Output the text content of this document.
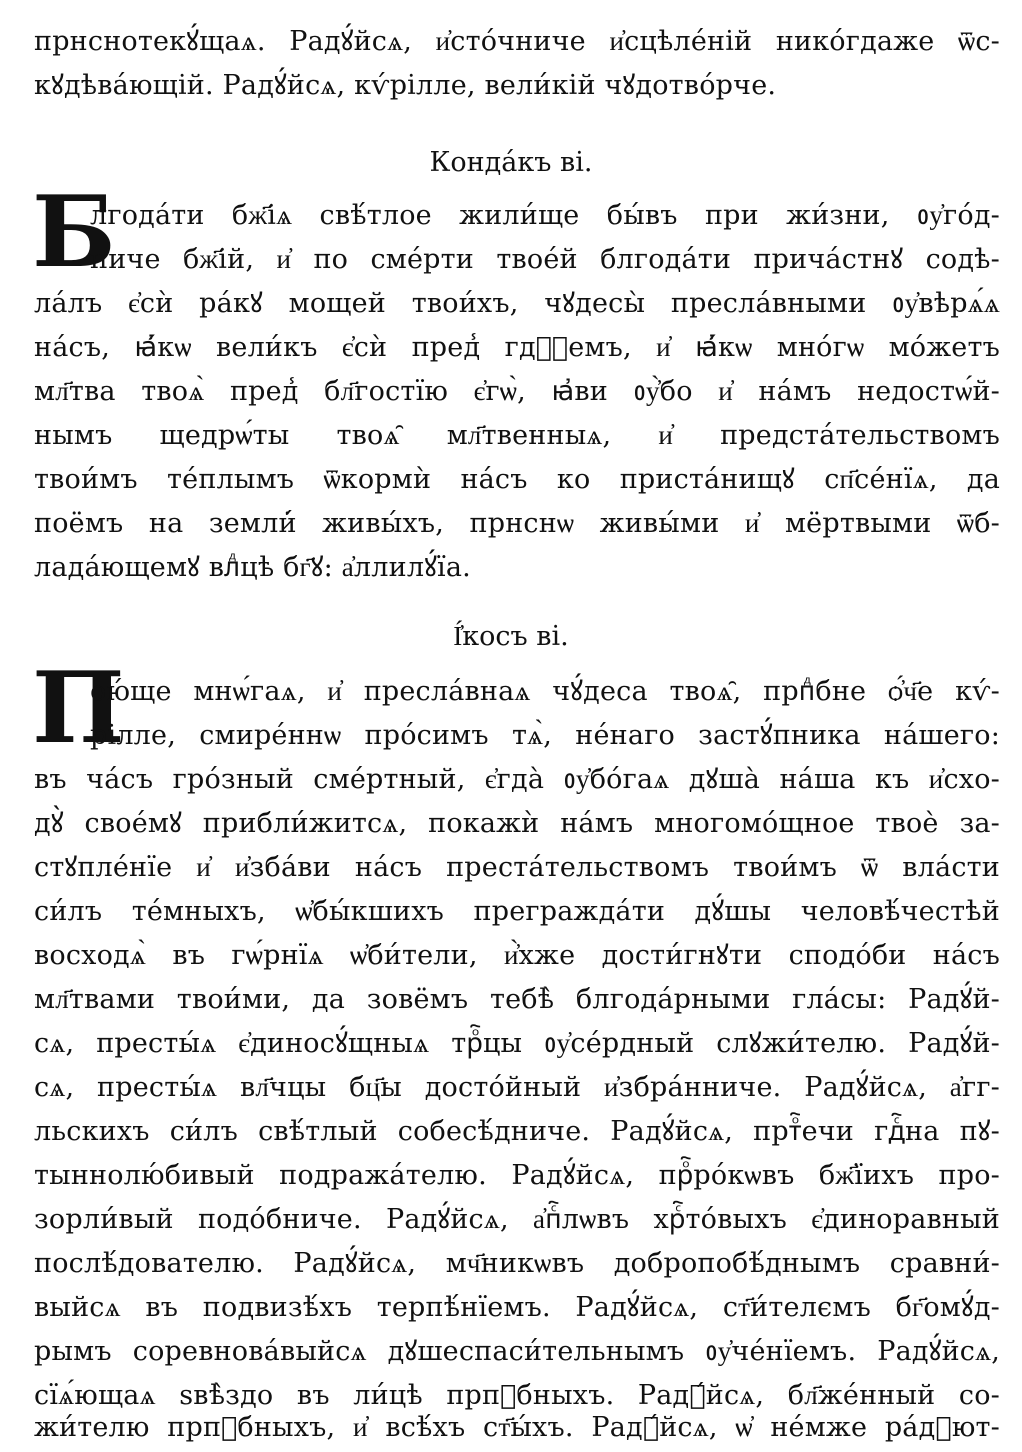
прнснотекꙋ́щаѧ. Радꙋ́йсѧ, и҆сто́чниче и҆сцѣле́ній нико́гдаже ѿс-
кꙋдѣва́ющій. Радꙋ́йсѧ, кѵ́рілле, вели́кій чꙋдотво́рче.
Конда́къ ві.
Б
лгода́ти бж҃іѧ свѣ́тлое жили́ще бы́въ при жи́зни, ᲂу҆го́д-
ниче бж҃ій, и҆ по сме́рти твое́й блгода́ти прича́стнꙋ содѣ-
ла́лъ є҆сѝ ра́кꙋ мощей твои́хъ, чꙋдесы̀ пресла́вными ᲂу҆вѣрѧ́ѧ
на́съ, ꙗ҆́кѡ вели́къ є҆сѝ пред̾ гдⷭ҇емъ, и҆ ꙗ҆́кѡ мно́гѡ мо́жетъ
мл҃тва твоѧ̀ пред̾ бл҃гостїю є҆гѡ̀, ꙗ҆ви ᲂу҆̀бо и҆ на́мъ недостѡ́й-
нымъ щедрѡ́ты твоѧ̑ мл҃твенныѧ, и҆ предста́тельствомъ
твои́мъ те́плымъ ѿкормѝ на́съ ко приста́нищꙋ сп҃се́нїѧ, да
поёмъ на земли̇́ живы́хъ, прнснѡ живы́ми и҆ мёртвыми ѿб-
лада́ющемꙋ влⷣцѣ бг҃ꙋ: а҆ллилꙋ́їа.
І҆́косъ ві.
П
ою́ще мнѡ́гаѧ, и҆ пресла́внаѧ чꙋ́деса твоѧ̑, прпⷣбне ѻ҆́ч҃е кѵ́-
рілле, смире́ннѡ про́симъ тѧ̀, не́наго застꙋ́пника на́шего:
въ ча́съ гро́зный сме́ртный, є҆гда̀ ᲂу҆бо́гаѧ дꙋша̀ на́ша къ и҆схо-
дꙋ̀ свое́мꙋ прибли́житсѧ, покажѝ на́мъ многомо́щное твоѐ за-
стꙋпле́нїе и҆ и҆зба́ви на́съ преста́тельствомъ твои́мъ ѿ вла́сти
си́лъ те́мныхъ, ѡ҆бы́кшихъ прегражда́ти дꙋ́шы человѣ́честѣй
восходѧ̀ въ гѡ́рнїѧ ѡ҆би́тели, и҆̀хже дости́гнꙋти сподо́би на́съ
мл҃твами твои́ми, да зовёмъ тебѣ̀ блгода́рными гла́сы: Радꙋ́й-
сѧ, престы́ѧ є҆диносꙋ́щныѧ трⷪ҇цы ᲂу҆се́рдный слꙋжи́телю. Радꙋ́й-
сѧ, престы́ѧ вл҃чцы бц҃ы досто́йный и҆збра́нниче. Радꙋ́йсѧ, а҆гг-
льскихъ си́лъ свѣ́тлый собесѣ́дниче. Радꙋ́йсѧ, пртⷪ҇ечи гдⷭ҇на пꙋ-
тыннолю́бивый подража́телю. Радꙋ́йсѧ, прⷪ҇ро́кѡвъ бж҃їихъ про-
зорли́вый подо́бниче. Радꙋ́йсѧ, а҆пⷭ҇лѡвъ хрⷭ҇то́выхъ є҆диноравный
послѣ́дователю. Радꙋ́йсѧ, мч҃никѡвъ добропобѣ́днымъ сравни́-
выйсѧ въ подвизѣ́хъ терпѣ́нїемъ. Радꙋ́йсѧ, ст҃и́телємъ бг҃омꙋ́д-
рымъ соревнова́выйсѧ дꙋшеспаси́тельнымъ ᲂу҆че́нїемъ. Радꙋ́йсѧ,
сїѧ́ющаѧ ѕвѣ̀здо въ ли́цѣ прпⷣбныхъ. Радꙋ́йсѧ, бл҃же́нный со-
жи́телю прпⷣбныхъ, и҆ всѣ́хъ ст҃ы́хъ. Радꙋ́йсѧ, ѡ҆ не́мже ра́дꙋют-
